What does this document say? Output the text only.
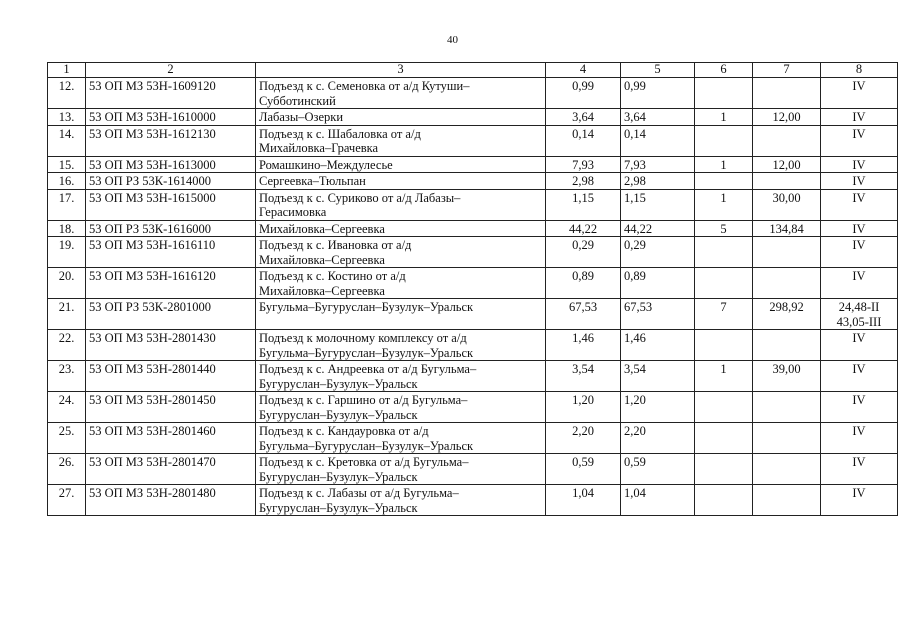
40
1	2	3	4	5	6	7	8
12.	53 ОП МЗ 53Н-1609120	Подъезд к с. Семеновка от а/д Кутуши–
Субботинский	0,99	0,99			IV

13.	53 ОП МЗ 53Н-1610000	Лабазы–Озерки	3,64	3,64	1	12,00	IV

14.	53 ОП МЗ 53Н-1612130	Подъезд к с. Шабаловка от а/д
Михайловка–Грачевка	0,14	0,14			IV

15.	53 ОП МЗ 53Н-1613000	Ромашкино–Междулесье	7,93	7,93	1	12,00	IV

16.	53 ОП РЗ 53К-1614000	Сергеевка–Тюльпан	2,98	2,98			IV

17.	53 ОП МЗ 53Н-1615000	Подъезд к с. Суриково от а/д Лабазы–
Герасимовка	1,15	1,15	1	30,00	IV

18.	53 ОП РЗ 53К-1616000	Михайловка–Сергеевка	44,22	44,22	5	134,84	IV

19.	53 ОП МЗ 53Н-1616110	Подъезд к с. Ивановка от а/д
Михайловка–Сергеевка	0,29	0,29			IV

20.	53 ОП МЗ 53Н-1616120	Подъезд к с. Костино от а/д
Михайловка–Сергеевка	0,89	0,89			IV

21.	53 ОП РЗ 53К-2801000	Бугульма–Бугуруслан–Бузулук–Уральск	67,53	67,53	7	298,92	24,48-II
43,05-III

22.	53 ОП МЗ 53Н-2801430	Подъезд к молочному комплексу от а/д
Бугульма–Бугуруслан–Бузулук–Уральск	1,46	1,46			IV

23.	53 ОП МЗ 53Н-2801440	Подъезд к с. Андреевка от а/д Бугульма–
Бугуруслан–Бузулук–Уральск	3,54	3,54	1	39,00	IV

24.	53 ОП МЗ 53Н-2801450	Подъезд к с. Гаршино от а/д Бугульма–
Бугуруслан–Бузулук–Уральск	1,20	1,20			IV

25.	53 ОП МЗ 53Н-2801460	Подъезд к с. Кандауровка от а/д
Бугульма–Бугуруслан–Бузулук–Уральск	2,20	2,20			IV

26.	53 ОП МЗ 53Н-2801470	Подъезд к с. Кретовка от а/д Бугульма–
Бугуруслан–Бузулук–Уральск	0,59	0,59			IV

27.	53 ОП МЗ 53Н-2801480	Подъезд к с. Лабазы от а/д Бугульма–
Бугуруслан–Бузулук–Уральск	1,04	1,04			IV
